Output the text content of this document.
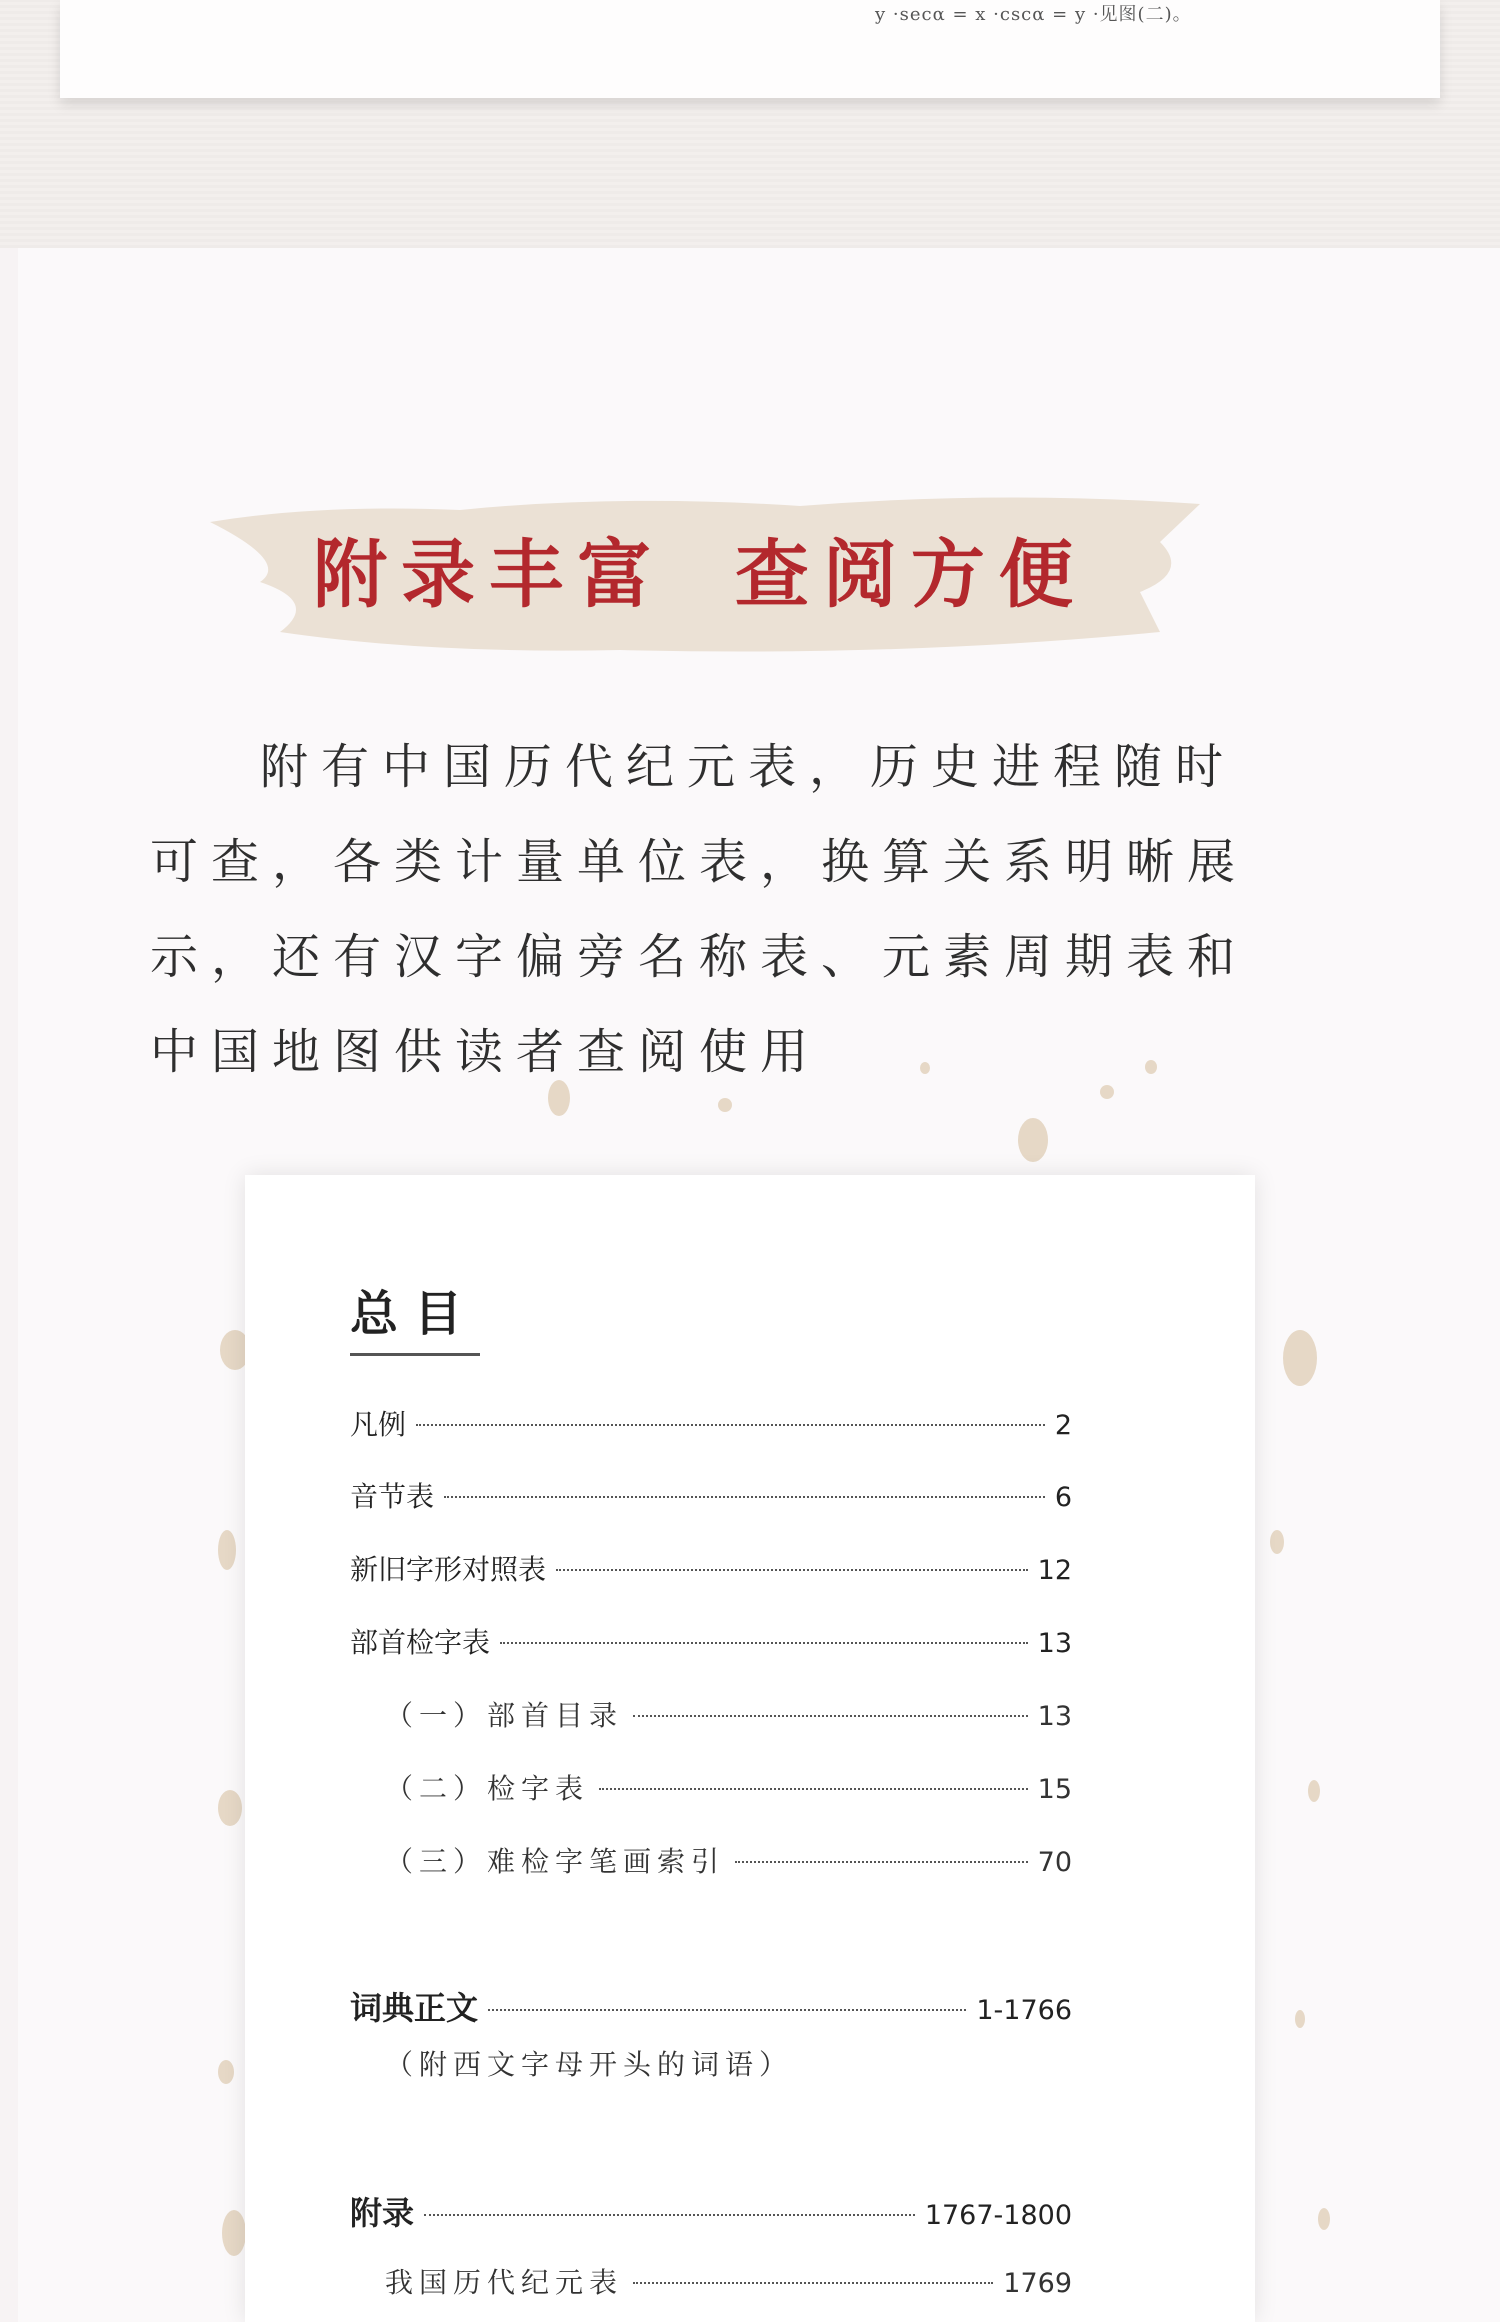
y ·secα = x ·cscα = y ·见图(二)。
附录丰富 查阅方便
附有中国历代纪元表，历史进程随时
可查，各类计量单位表，换算关系明晰展
示，还有汉字偏旁名称表、元素周期表和
中国地图供读者查阅使用
总目
凡例	2
音节表	6
新旧字形对照表	12
部首检字表	13
（一）部首目录	13
（二）检字表	15
（三）难检字笔画索引	70
词典正文	1-1766
（附西文字母开头的词语）
附录	1767-1800
我国历代纪元表	1769
